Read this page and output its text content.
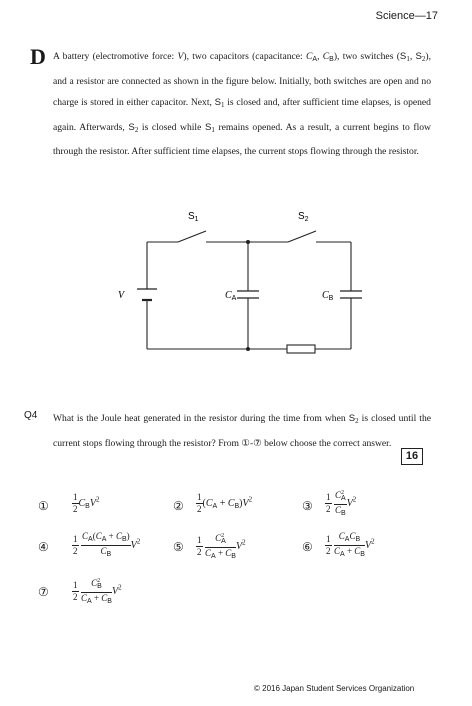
Science—17
D A battery (electromotive force: V), two capacitors (capacitance: $C_A$, $C_B$), two switches ($S_1$, $S_2$), and a resistor are connected as shown in the figure below. Initially, both switches are open and no charge is stored in either capacitor. Next, $S_1$ is closed and, after sufficient time elapses, is opened again. Afterwards, $S_2$ is closed while $S_1$ remains opened. As a result, a current begins to flow through the resistor. After sufficient time elapses, the current stops flowing through the resistor.
$S_1$	$S_2$
V	$C_A$	$C_B$
Q4 What is the Joule heat generated in the resistor during the time from when $S_2$ is closed until the current stops flowing through the resistor? From ①-⑦ below choose the correct answer.
16
①	$\frac{1}{2} C_BV^2$	② $\frac{1}{2} (C_A + C_B)V^2$	③ $\frac{1}{2}$
$\frac{C^2_A}{C_B} V^2$
④	$\frac{1}{2}$
$\frac{C_A(C_A + C_B)}{C_B} V^2$	⑤ $\frac{1}{2}$
$\frac{C^2_A}{C_A + C_B} V^2$	⑥ $\frac{1}{2}$
$\frac{C_AC_B}{C_A + C_B} V^2$
⑦	$\frac{1}{2}$
$\frac{C^2_B}{C_A + C_B} V^2$
© 2016 Japan Student Services Organization
